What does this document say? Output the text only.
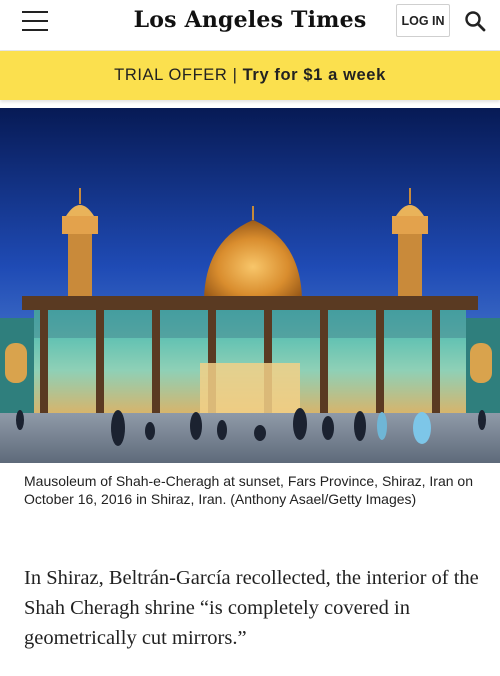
Los Angeles Times	LOG IN
TRIAL OFFER | Try for $1 a week
Mausoleum of Shah-e-Cheragh at sunset, Fars Province, Shiraz, Iran on October 16, 2016 in Shiraz, Iran. (Anthony Asael/Getty Images)
In Shiraz, Beltrán-García recollected, the interior of the Shah Cheragh shrine “is completely covered in geometrically cut mirrors.”
